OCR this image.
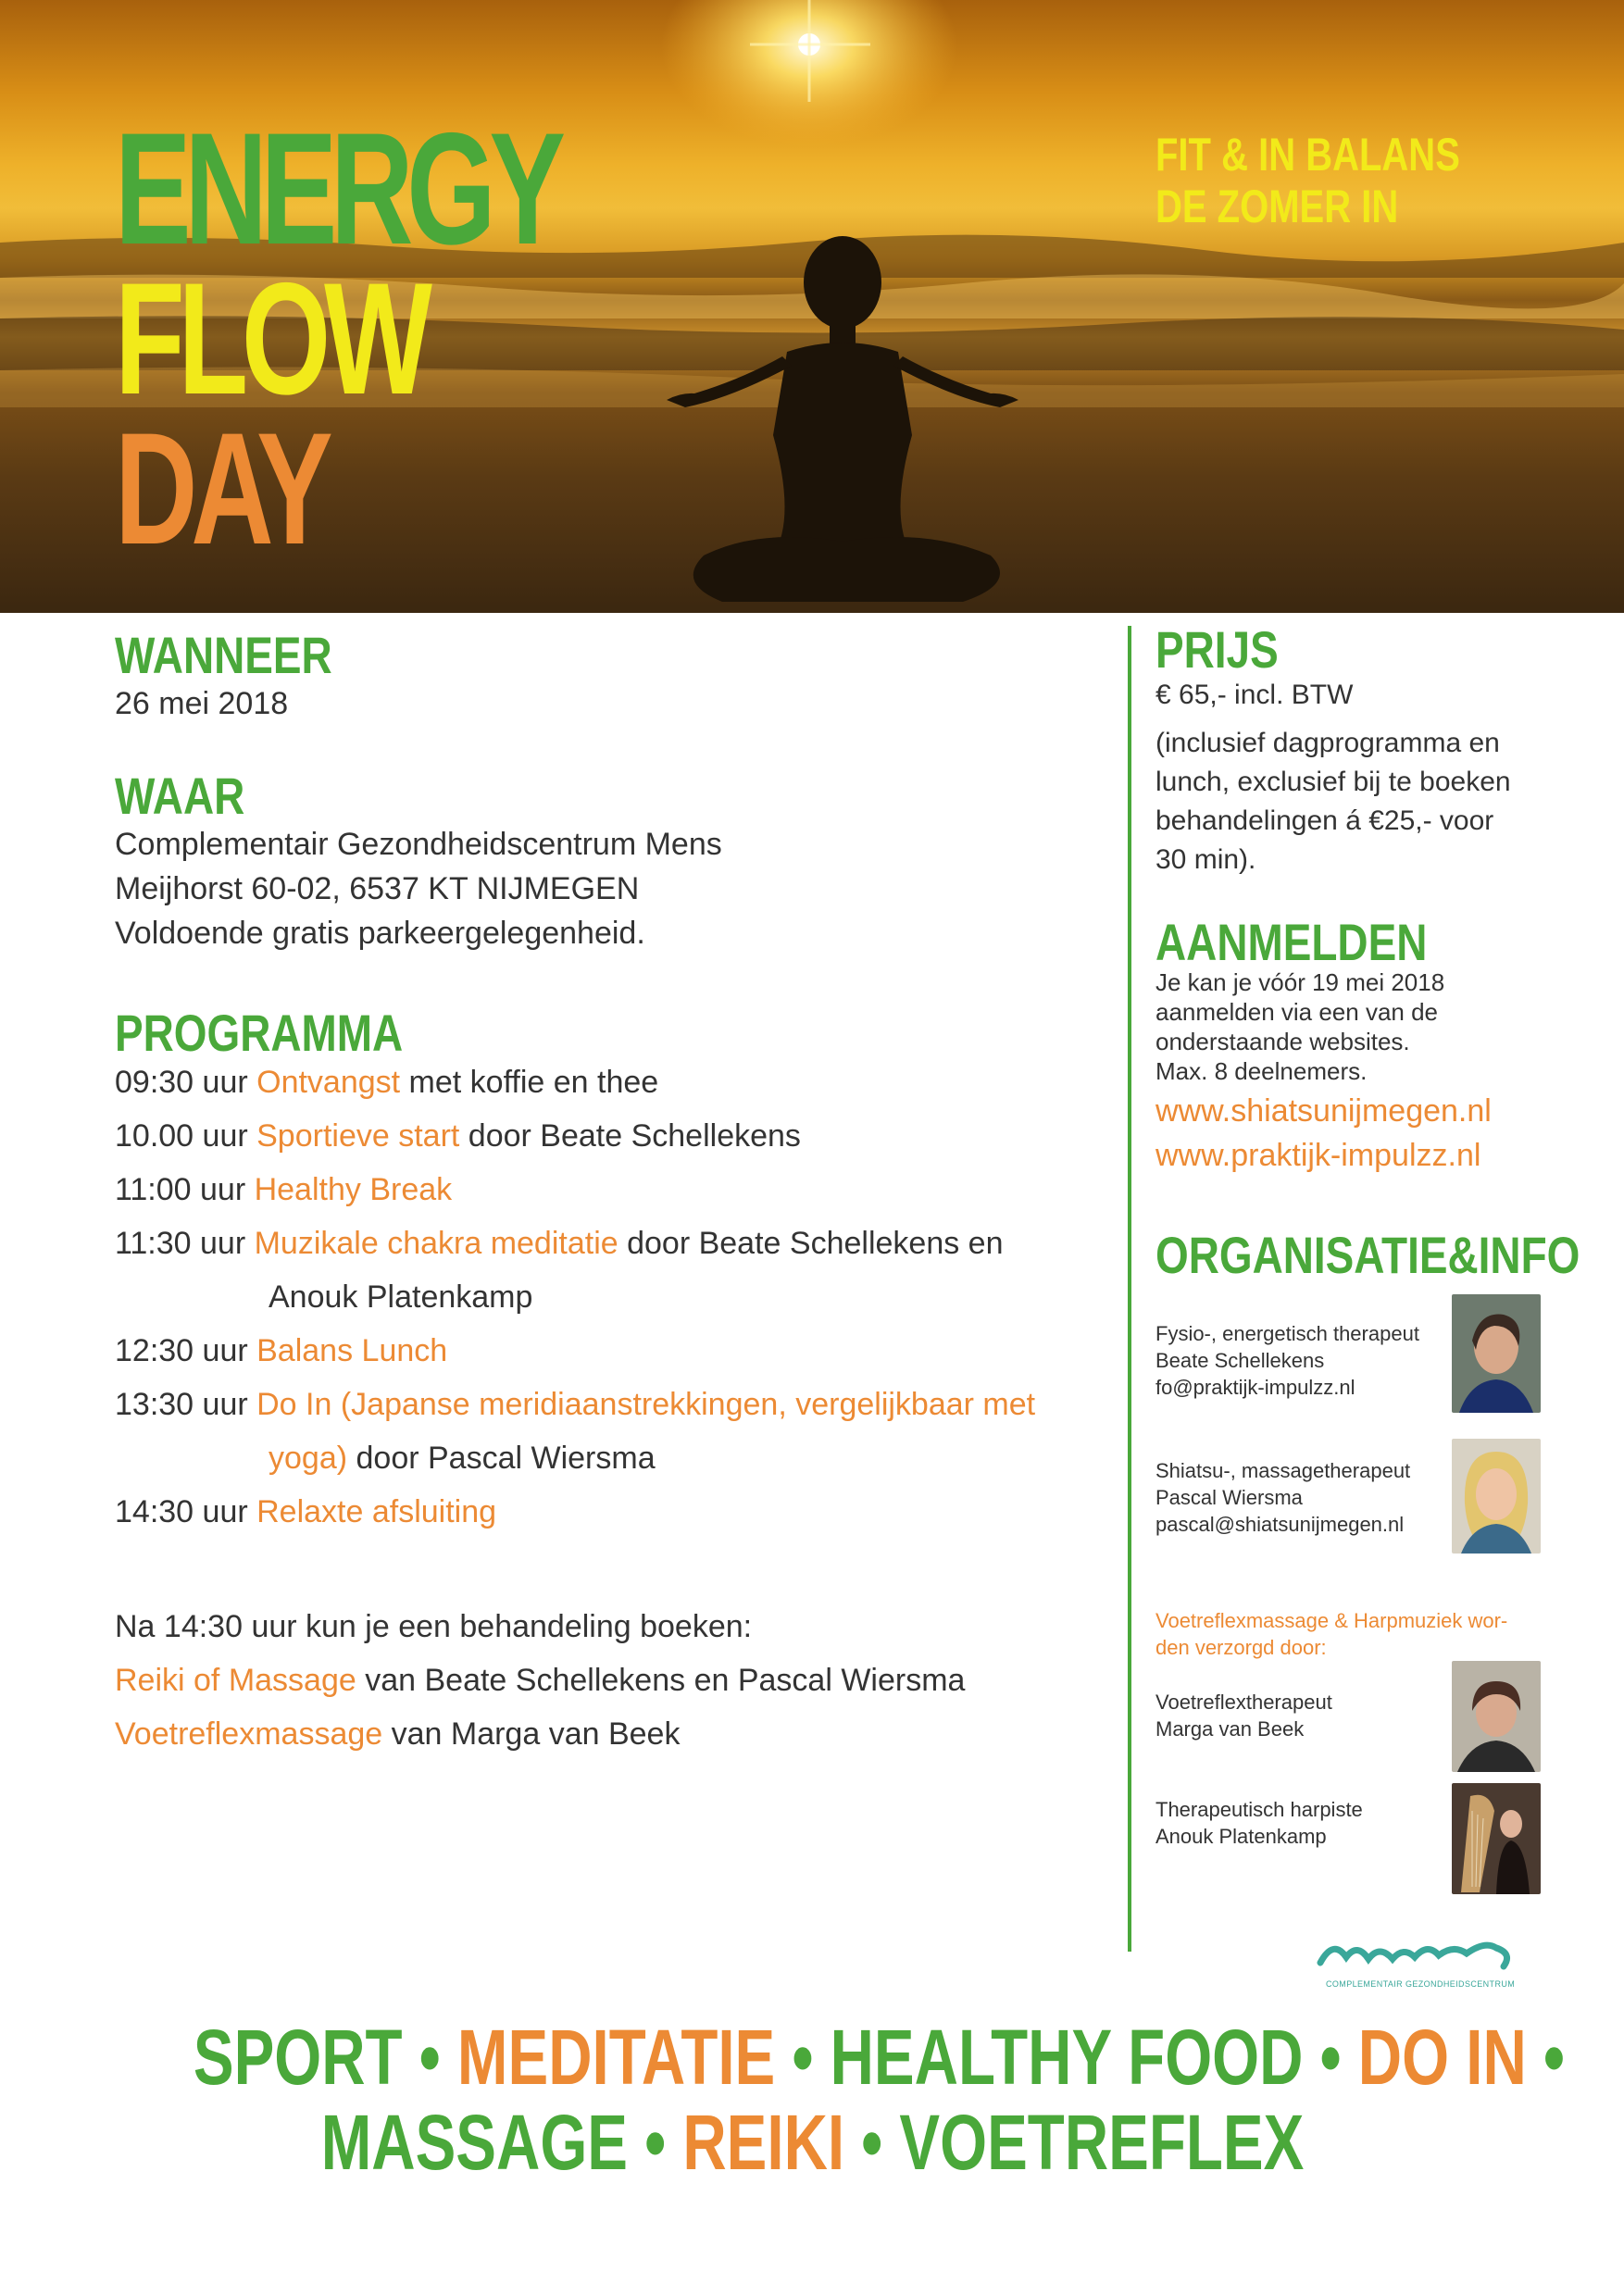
ENERGY
FLOW
DAY
FIT & IN BALANS
DE ZOMER IN
WANNEER
26 mei 2018
WAAR
Complementair Gezondheidscentrum Mens
Meijhorst 60-02, 6537 KT NIJMEGEN
Voldoende gratis parkeergelegenheid.
PROGRAMMA
09:30 uur Ontvangst met koffie en thee
10.00 uur Sportieve start door Beate Schellekens
11:00 uur Healthy Break
11:30 uur Muzikale chakra meditatie door Beate Schellekens en
Anouk Platenkamp
12:30 uur Balans Lunch
13:30 uur Do In (Japanse meridiaanstrekkingen, vergelijkbaar met
yoga) door Pascal Wiersma
14:30 uur Relaxte afsluiting
Na 14:30 uur kun je een behandeling boeken:
Reiki of Massage van Beate Schellekens en Pascal Wiersma
Voetreflexmassage van Marga van Beek
PRIJS
€ 65,- incl. BTW
(inclusief dagprogramma en
lunch, exclusief bij te boeken
behandelingen á €25,- voor
30 min).
AANMELDEN
Je kan je vóór 19 mei 2018
aanmelden via een van de
onderstaande websites.
Max. 8 deelnemers.
www.shiatsunijmegen.nl
www.praktijk-impulzz.nl
ORGANISATIE&INFO
Fysio-, energetisch therapeut
Beate Schellekens
fo@praktijk-impulzz.nl
Shiatsu-, massagetherapeut
Pascal Wiersma
pascal@shiatsunijmegen.nl
Voetreflexmassage & Harpmuziek wor-
den verzorgd door:
Voetreflextherapeut
Marga van Beek
Therapeutisch harpiste
Anouk Platenkamp
COMPLEMENTAIR GEZONDHEIDSCENTRUM
SPORT • MEDITATIE • HEALTHY FOOD • DO IN •
MASSAGE • REIKI • VOETREFLEX
